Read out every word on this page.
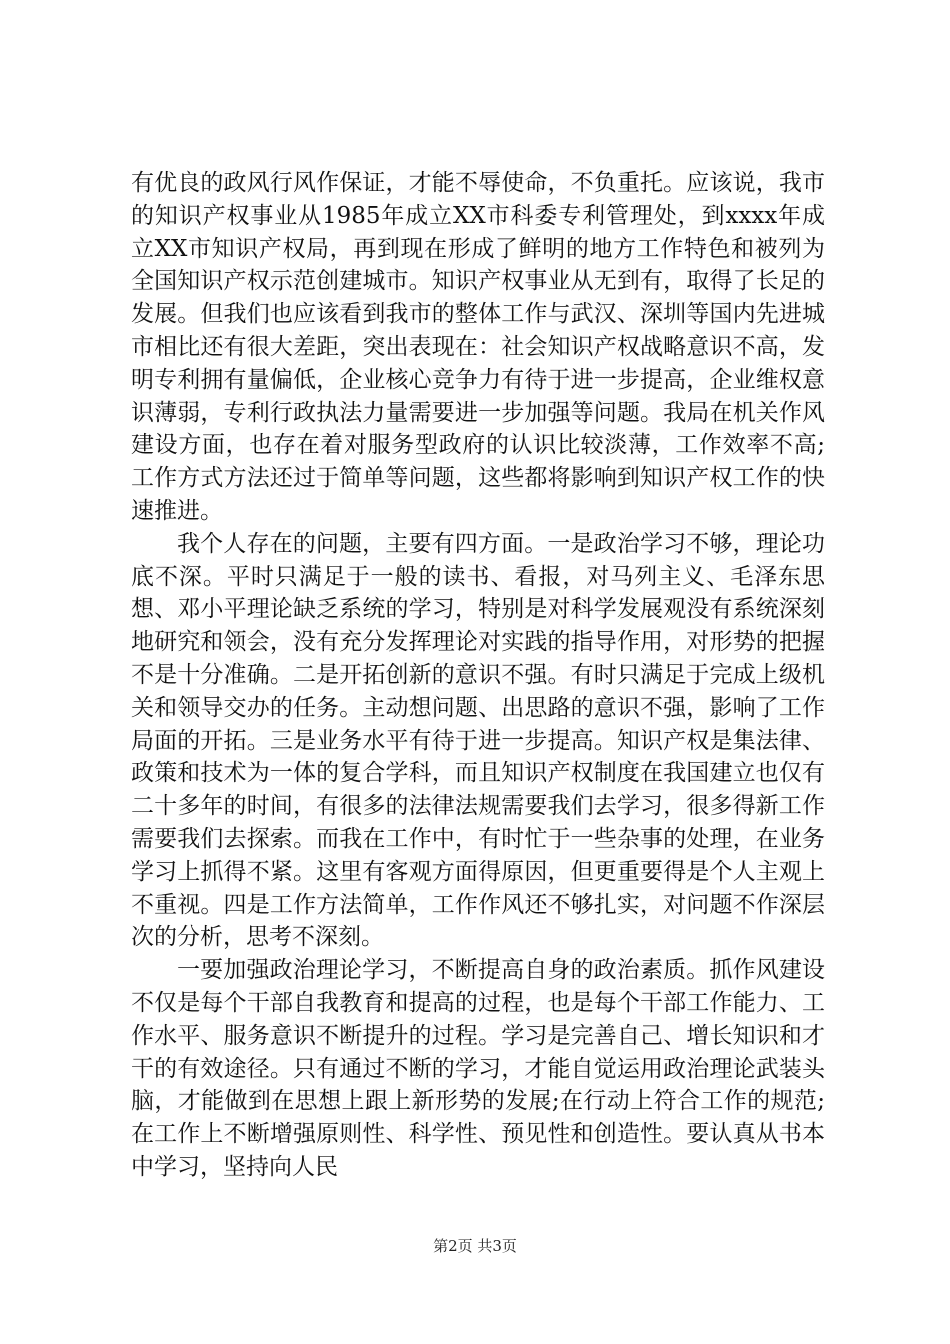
有优良的政风行风作保证，才能不辱使命，不负重托。应该说，我市的知识产权事业从1985年成立XX市科委专利管理处，到xxxx年成立XX市知识产权局，再到现在形成了鲜明的地方工作特色和被列为全国知识产权示范创建城市。知识产权事业从无到有，取得了长足的发展。但我们也应该看到我市的整体工作与武汉、深圳等国内先进城市相比还有很大差距，突出表现在：社会知识产权战略意识不高，发明专利拥有量偏低，企业核心竞争力有待于进一步提高，企业维权意识薄弱，专利行政执法力量需要进一步加强等问题。我局在机关作风建设方面，也存在着对服务型政府的认识比较淡薄，工作效率不高;工作方式方法还过于简单等问题，这些都将影响到知识产权工作的快速推进。

我个人存在的问题，主要有四方面。一是政治学习不够，理论功底不深。平时只满足于一般的读书、看报，对马列主义、毛泽东思想、邓小平理论缺乏系统的学习，特别是对科学发展观没有系统深刻地研究和领会，没有充分发挥理论对实践的指导作用，对形势的把握不是十分准确。二是开拓创新的意识不强。有时只满足于完成上级机关和领导交办的任务。主动想问题、出思路的意识不强，影响了工作局面的开拓。三是业务水平有待于进一步提高。知识产权是集法律、政策和技术为一体的复合学科，而且知识产权制度在我国建立也仅有二十多年的时间，有很多的法律法规需要我们去学习，很多得新工作需要我们去探索。而我在工作中，有时忙于一些杂事的处理，在业务学习上抓得不紧。这里有客观方面得原因，但更重要得是个人主观上不重视。四是工作方法简单，工作作风还不够扎实，对问题不作深层次的分析，思考不深刻。

一要加强政治理论学习，不断提高自身的政治素质。抓作风建设不仅是每个干部自我教育和提高的过程，也是每个干部工作能力、工作水平、服务意识不断提升的过程。学习是完善自己、增长知识和才干的有效途径。只有通过不断的学习，才能自觉运用政治理论武装头脑，才能做到在思想上跟上新形势的发展;在行动上符合工作的规范;在工作上不断增强原则性、科学性、预见性和创造性。要认真从书本中学习，坚持向人民

第2页 共3页
